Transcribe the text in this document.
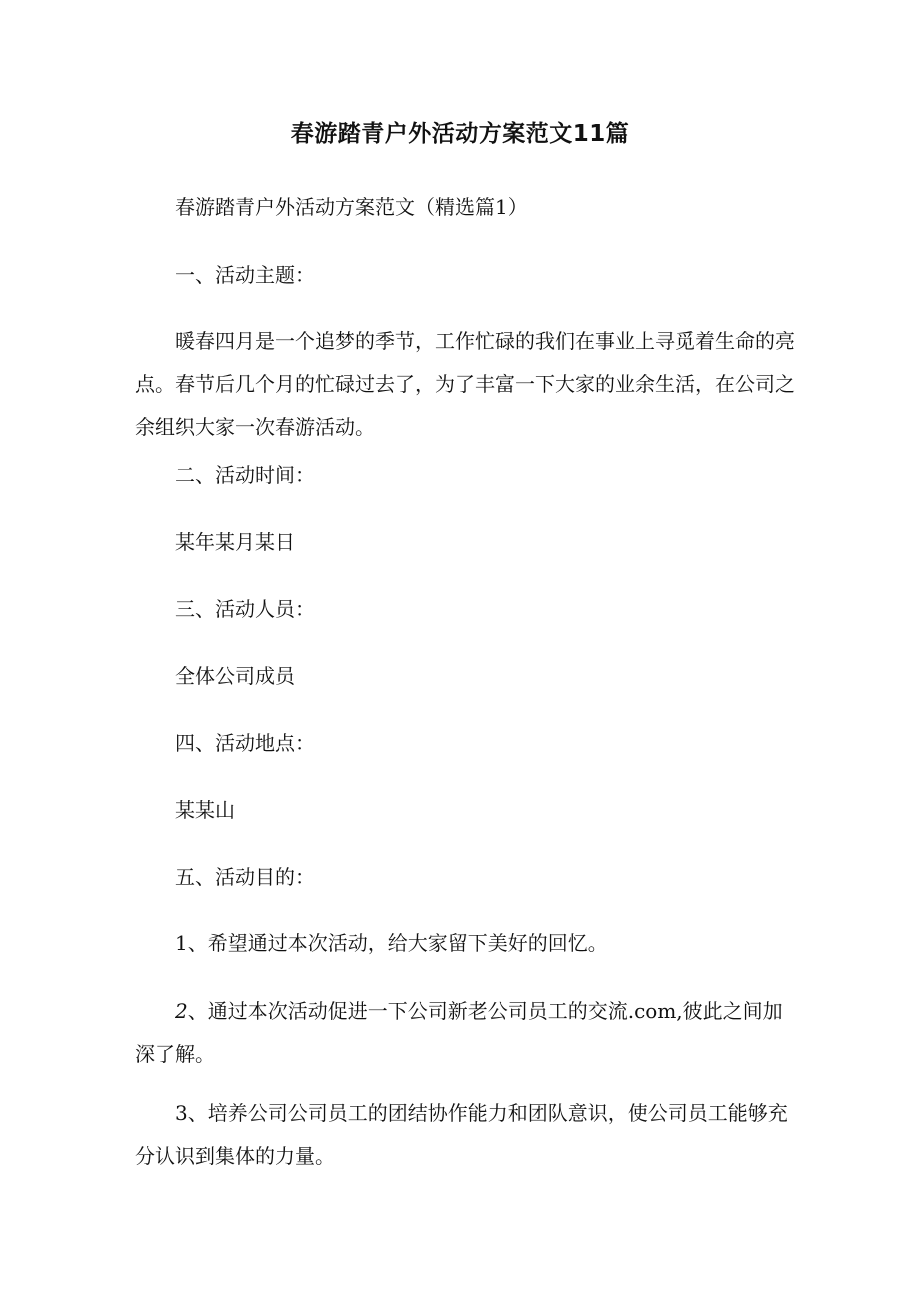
春游踏青户外活动方案范文11篇

春游踏青户外活动方案范文（精选篇1）

一、活动主题：

暖春四月是一个追梦的季节，工作忙碌的我们在事业上寻觅着生命的亮点。春节后几个月的忙碌过去了，为了丰富一下大家的业余生活，在公司之余组织大家一次春游活动。

二、活动时间：

某年某月某日

三、活动人员：

全体公司成员

四、活动地点：

某某山

五、活动目的：

1、希望通过本次活动，给大家留下美好的回忆。

2、通过本次活动促进一下公司新老公司员工的交流.com,彼此之间加深了解。

3、培养公司公司员工的团结协作能力和团队意识，使公司员工能够充分认识到集体的力量。
